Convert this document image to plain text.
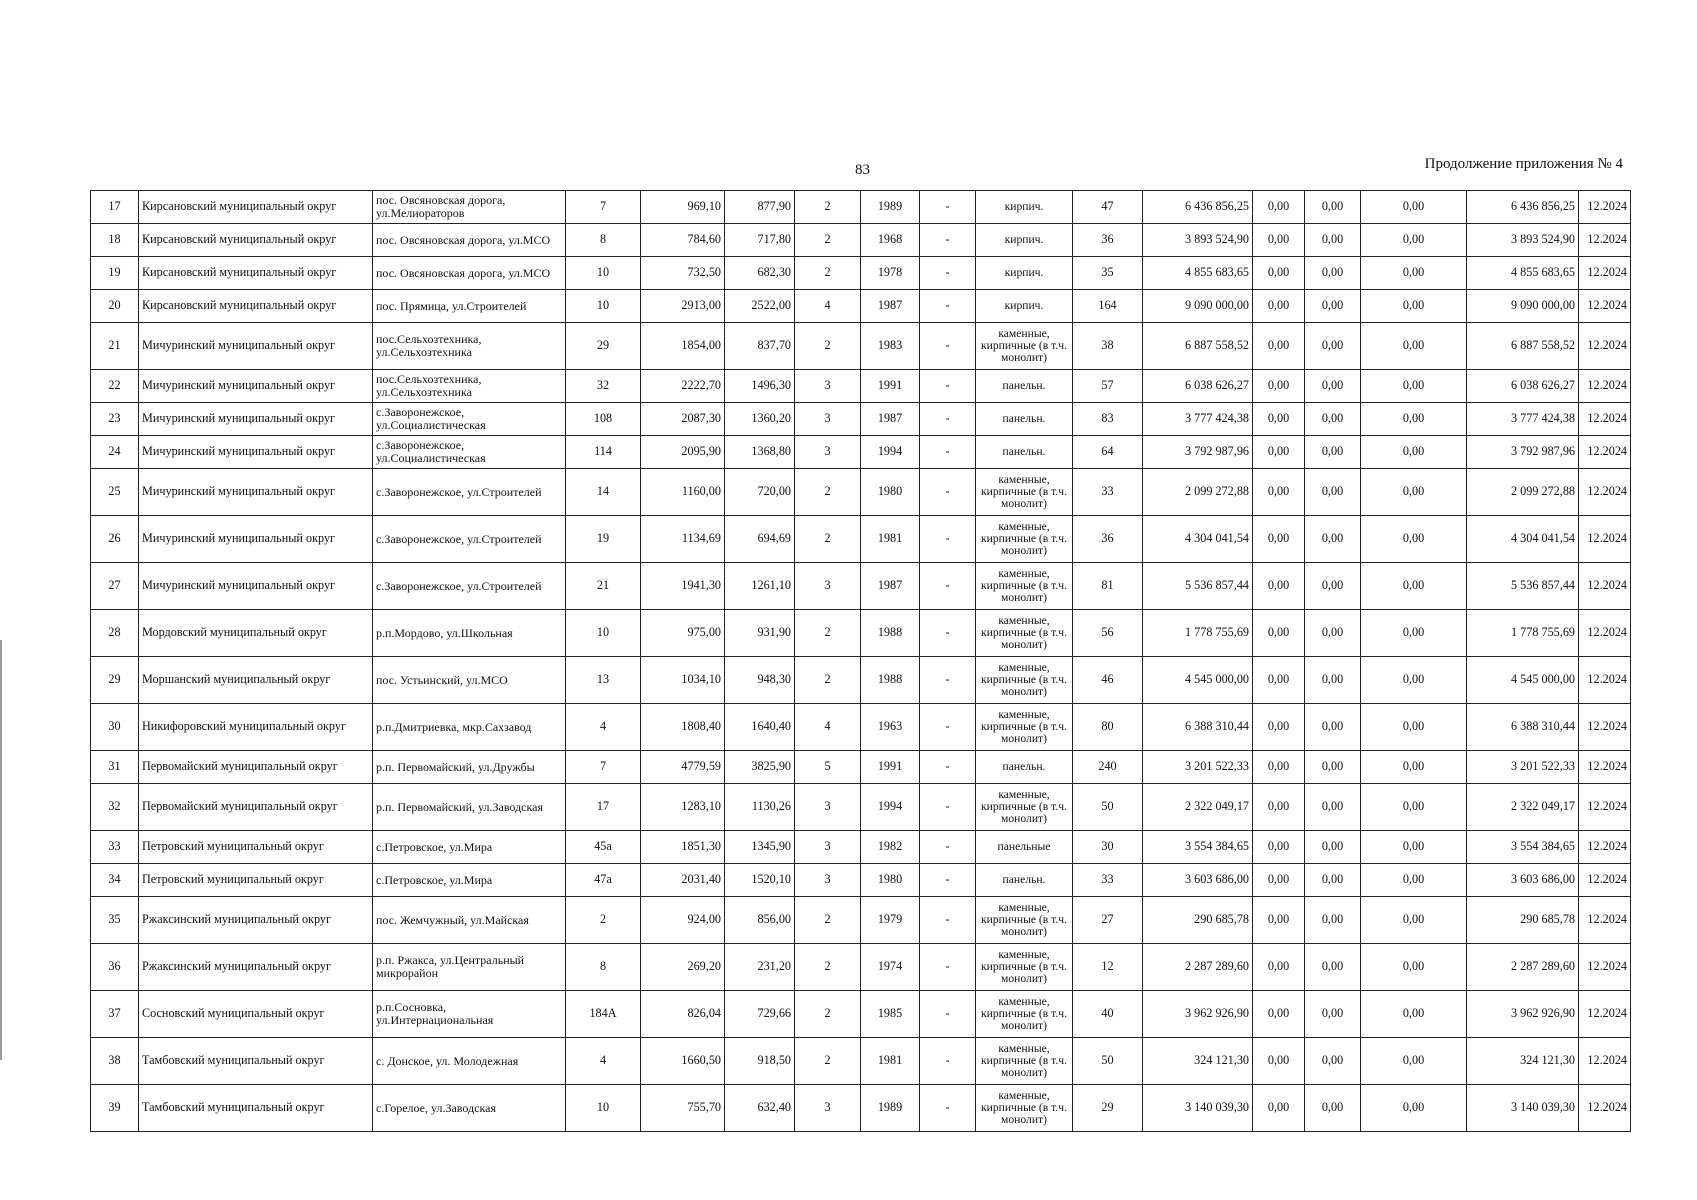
83	Продолжение приложения № 4
17	Кирсановский муниципальный округ	пос. Овсяновская дорога, ул.Мелиораторов	7	969,10	877,90	2	1989	-	кирпич.	47	6 436 856,25	0,00	0,00	0,00	6 436 856,25	12.2024
18	Кирсановский муниципальный округ	пос. Овсяновская дорога, ул.МСО	8	784,60	717,80	2	1968	-	кирпич.	36	3 893 524,90	0,00	0,00	0,00	3 893 524,90	12.2024
19	Кирсановский муниципальный округ	пос. Овсяновская дорога, ул.МСО	10	732,50	682,30	2	1978	-	кирпич.	35	4 855 683,65	0,00	0,00	0,00	4 855 683,65	12.2024
20	Кирсановский муниципальный округ	пос. Прямица, ул.Строителей	10	2913,00	2522,00	4	1987	-	кирпич.	164	9 090 000,00	0,00	0,00	0,00	9 090 000,00	12.2024
21	Мичуринский муниципальный округ	пос.Сельхозтехника, ул.Сельхозтехника	29	1854,00	837,70	2	1983	-	каменные, кирпичные (в т.ч. монолит)	38	6 887 558,52	0,00	0,00	0,00	6 887 558,52	12.2024
22	Мичуринский муниципальный округ	пос.Сельхозтехника, ул.Сельхозтехника	32	2222,70	1496,30	3	1991	-	панельн.	57	6 038 626,27	0,00	0,00	0,00	6 038 626,27	12.2024
23	Мичуринский муниципальный округ	с.Заворонежское, ул.Социалистическая	108	2087,30	1360,20	3	1987	-	панельн.	83	3 777 424,38	0,00	0,00	0,00	3 777 424,38	12.2024
24	Мичуринский муниципальный округ	с.Заворонежское, ул.Социалистическая	114	2095,90	1368,80	3	1994	-	панельн.	64	3 792 987,96	0,00	0,00	0,00	3 792 987,96	12.2024
25	Мичуринский муниципальный округ	с.Заворонежское, ул.Строителей	14	1160,00	720,00	2	1980	-	каменные, кирпичные (в т.ч. монолит)	33	2 099 272,88	0,00	0,00	0,00	2 099 272,88	12.2024
26	Мичуринский муниципальный округ	с.Заворонежское, ул.Строителей	19	1134,69	694,69	2	1981	-	каменные, кирпичные (в т.ч. монолит)	36	4 304 041,54	0,00	0,00	0,00	4 304 041,54	12.2024
27	Мичуринский муниципальный округ	с.Заворонежское, ул.Строителей	21	1941,30	1261,10	3	1987	-	каменные, кирпичные (в т.ч. монолит)	81	5 536 857,44	0,00	0,00	0,00	5 536 857,44	12.2024
28	Мордовский муниципальный округ	р.п.Мордово, ул.Школьная	10	975,00	931,90	2	1988	-	каменные, кирпичные (в т.ч. монолит)	56	1 778 755,69	0,00	0,00	0,00	1 778 755,69	12.2024
29	Моршанский муниципальный округ	пос. Устьинский, ул.МСО	13	1034,10	948,30	2	1988	-	каменные, кирпичные (в т.ч. монолит)	46	4 545 000,00	0,00	0,00	0,00	4 545 000,00	12.2024
30	Никифоровский муниципальный округ	р.п.Дмитриевка, мкр.Сахзавод	4	1808,40	1640,40	4	1963	-	каменные, кирпичные (в т.ч. монолит)	80	6 388 310,44	0,00	0,00	0,00	6 388 310,44	12.2024
31	Первомайский муниципальный округ	р.п. Первомайский, ул.Дружбы	7	4779,59	3825,90	5	1991	-	панельн.	240	3 201 522,33	0,00	0,00	0,00	3 201 522,33	12.2024
32	Первомайский муниципальный округ	р.п. Первомайский, ул.Заводская	17	1283,10	1130,26	3	1994	-	каменные, кирпичные (в т.ч. монолит)	50	2 322 049,17	0,00	0,00	0,00	2 322 049,17	12.2024
33	Петровский муниципальный округ	с.Петровское, ул.Мира	45а	1851,30	1345,90	3	1982	-	панельные	30	3 554 384,65	0,00	0,00	0,00	3 554 384,65	12.2024
34	Петровский муниципальный округ	с.Петровское, ул.Мира	47а	2031,40	1520,10	3	1980	-	панельн.	33	3 603 686,00	0,00	0,00	0,00	3 603 686,00	12.2024
35	Ржаксинский муниципальный округ	пос. Жемчужный, ул.Майская	2	924,00	856,00	2	1979	-	каменные, кирпичные (в т.ч. монолит)	27	290 685,78	0,00	0,00	0,00	290 685,78	12.2024
36	Ржаксинский муниципальный округ	р.п. Ржакса, ул.Центральный микрорайон	8	269,20	231,20	2	1974	-	каменные, кирпичные (в т.ч. монолит)	12	2 287 289,60	0,00	0,00	0,00	2 287 289,60	12.2024
37	Сосновский муниципальный округ	р.п.Сосновка, ул.Интернациональная	184А	826,04	729,66	2	1985	-	каменные, кирпичные (в т.ч. монолит)	40	3 962 926,90	0,00	0,00	0,00	3 962 926,90	12.2024
38	Тамбовский муниципальный округ	с. Донское, ул. Молодежная	4	1660,50	918,50	2	1981	-	каменные, кирпичные (в т.ч. монолит)	50	324 121,30	0,00	0,00	0,00	324 121,30	12.2024
39	Тамбовский муниципальный округ	с.Горелое, ул.Заводская	10	755,70	632,40	3	1989	-	каменные, кирпичные (в т.ч. монолит)	29	3 140 039,30	0,00	0,00	0,00	3 140 039,30	12.2024
